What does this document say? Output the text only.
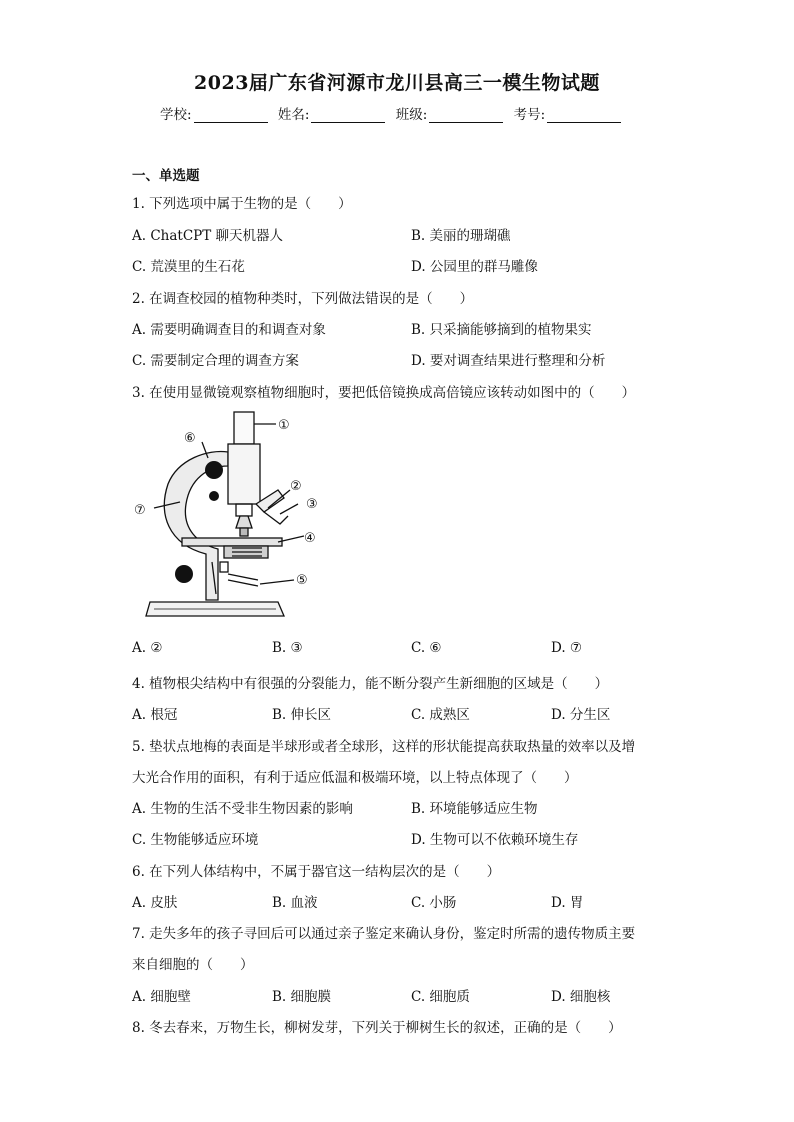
2023届广东省河源市龙川县高三一模生物试题
学校:	姓名:	班级:	考号:
一、单选题
1. 下列选项中属于生物的是（　　）
A. ChatCPT 聊天机器人	B. 美丽的珊瑚礁
C. 荒漠里的生石花	D. 公园里的群马雕像
2. 在调查校园的植物种类时，下列做法错误的是（　　）
A. 需要明确调查目的和调查对象	B. 只采摘能够摘到的植物果实
C. 需要制定合理的调查方案	D. 要对调查结果进行整理和分析
3. 在使用显微镜观察植物细胞时，要把低倍镜换成高倍镜应该转动如图中的（　　）
①
②
③
④
⑤
⑥
⑦
A. ②	B. ③	C. ⑥	D. ⑦
4. 植物根尖结构中有很强的分裂能力，能不断分裂产生新细胞的区域是（　　）
A. 根冠	B. 伸长区	C. 成熟区	D. 分生区
5. 垫状点地梅的表面是半球形或者全球形，这样的形状能提高获取热量的效率以及增
大光合作用的面积，有利于适应低温和极端环境，以上特点体现了（　　）
A. 生物的生活不受非生物因素的影响	B. 环境能够适应生物
C. 生物能够适应环境	D. 生物可以不依赖环境生存
6. 在下列人体结构中，不属于器官这一结构层次的是（　　）
A. 皮肤	B. 血液	C. 小肠	D. 胃
7. 走失多年的孩子寻回后可以通过亲子鉴定来确认身份，鉴定时所需的遗传物质主要
来自细胞的（　　）
A. 细胞壁	B. 细胞膜	C. 细胞质	D. 细胞核
8. 冬去春来，万物生长，柳树发芽，下列关于柳树生长的叙述，正确的是（　　）
